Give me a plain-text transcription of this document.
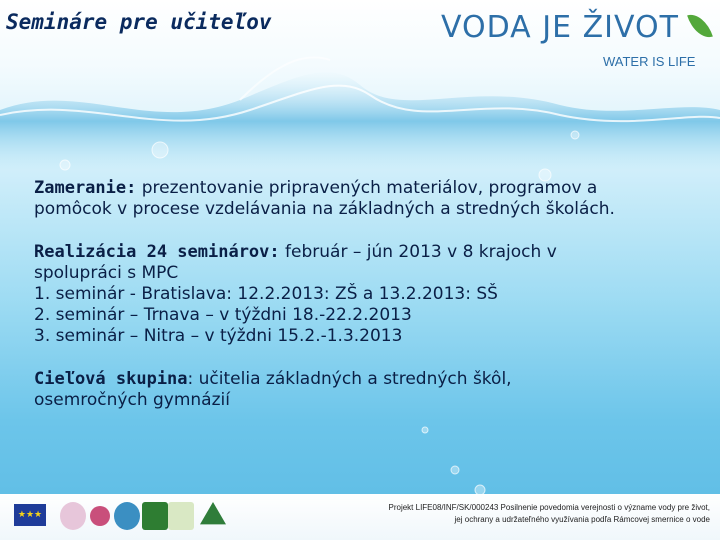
Semináre pre učiteľov	VODA JE ŽIVOT
WATER IS LIFE
Zameranie: prezentovanie pripravených materiálov, programov a
pomôcok v procese vzdelávania na základných a stredných školách.
Realizácia 24 seminárov: február – jún 2013 v 8 krajoch v
spolupráci s MPC
1. seminár - Bratislava: 12.2.2013: ZŠ a 13.2.2013: SŠ
2. seminár – Trnava – v týždni 18.-22.2.2013
3. seminár – Nitra – v týždni 15.2.-1.3.2013
Cieľová skupina: učitelia základných a stredných škôl,
osemročných gymnázií
★★★
Projekt LIFE08/INF/SK/000243 Posilnenie povedomia verejnosti o význame vody pre život,
jej ochrany a udržateľného využívania podľa Rámcovej smernice o vode
